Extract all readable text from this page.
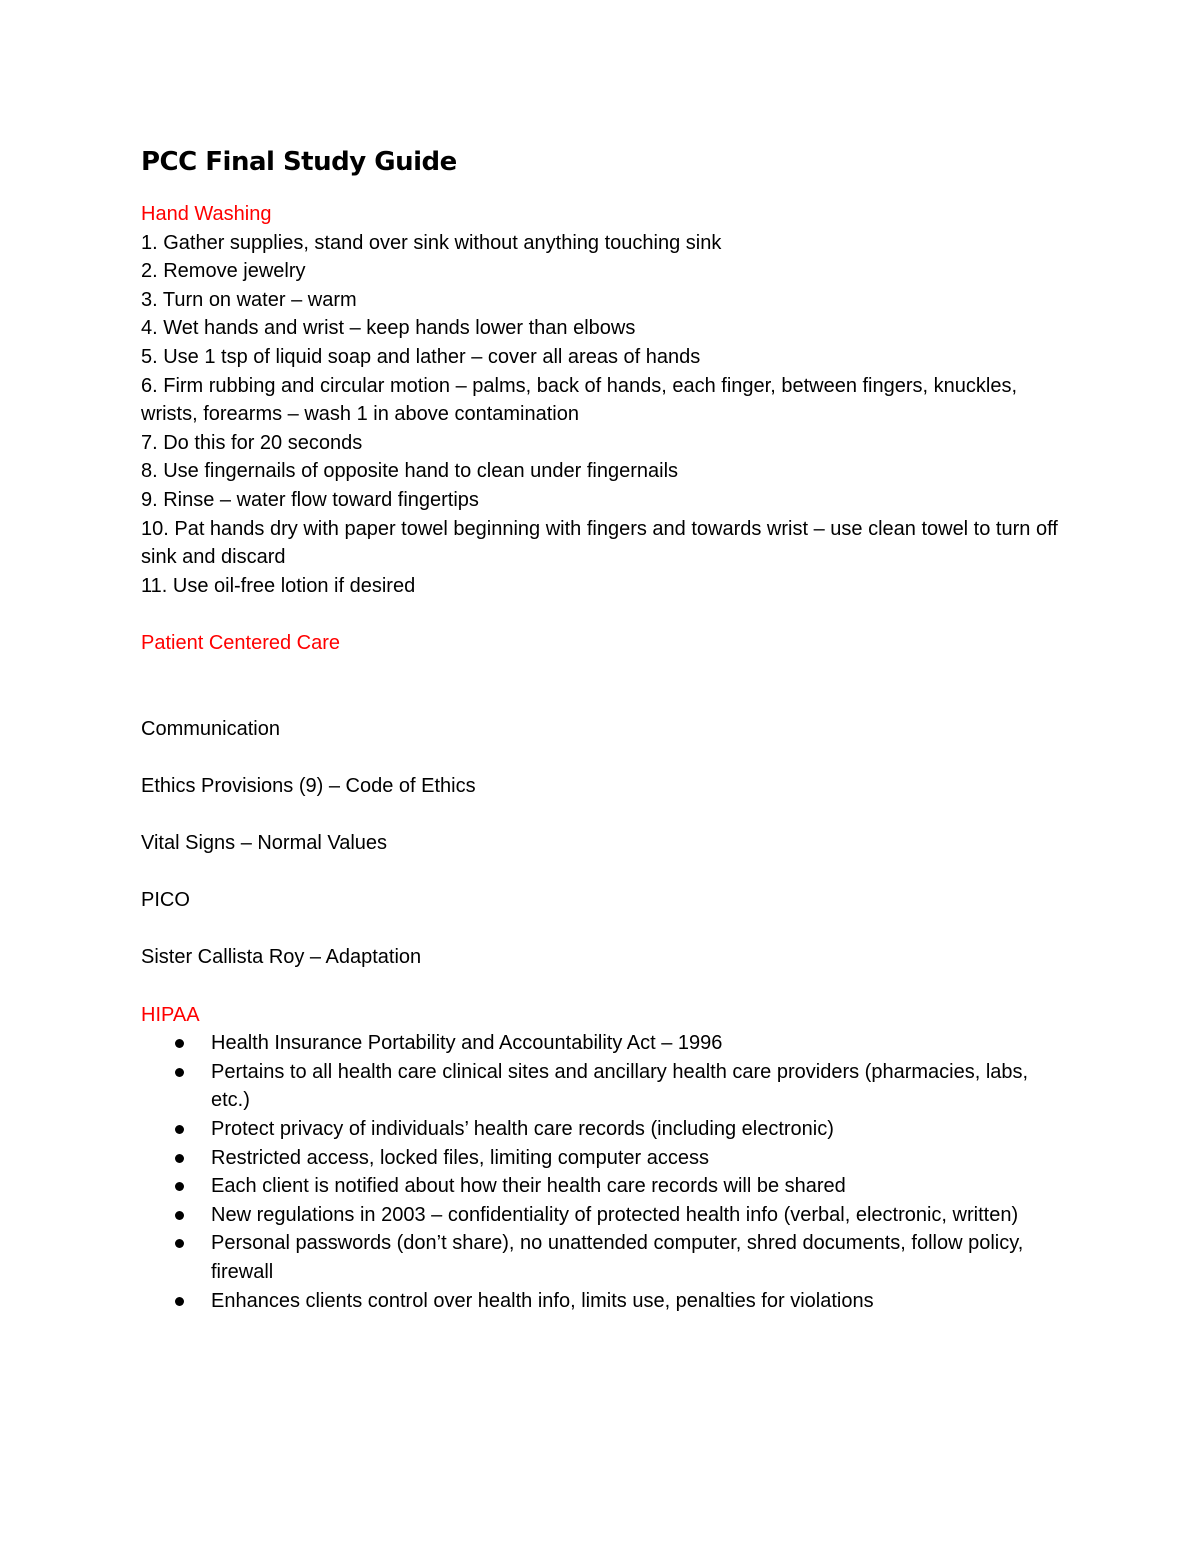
PCC Final Study Guide
Hand Washing
1. Gather supplies, stand over sink without anything touching sink
2. Remove jewelry
3. Turn on water – warm
4. Wet hands and wrist – keep hands lower than elbows
5. Use 1 tsp of liquid soap and lather – cover all areas of hands
6. Firm rubbing and circular motion – palms, back of hands, each finger, between fingers, knuckles, wrists, forearms – wash 1 in above contamination
7. Do this for 20 seconds
8. Use fingernails of opposite hand to clean under fingernails
9. Rinse – water flow toward fingertips
10. Pat hands dry with paper towel beginning with fingers and towards wrist – use clean towel to turn off sink and discard
11. Use oil-free lotion if desired
Patient Centered Care
Communication
Ethics Provisions (9) – Code of Ethics
Vital Signs – Normal Values
PICO
Sister Callista Roy – Adaptation
HIPAA
Health Insurance Portability and Accountability Act – 1996
Pertains to all health care clinical sites and ancillary health care providers (pharmacies, labs, etc.)
Protect privacy of individuals’ health care records (including electronic)
Restricted access, locked files, limiting computer access
Each client is notified about how their health care records will be shared
New regulations in 2003 – confidentiality of protected health info (verbal, electronic, written)
Personal passwords (don’t share), no unattended computer, shred documents, follow policy, firewall
Enhances clients control over health info, limits use, penalties for violations
